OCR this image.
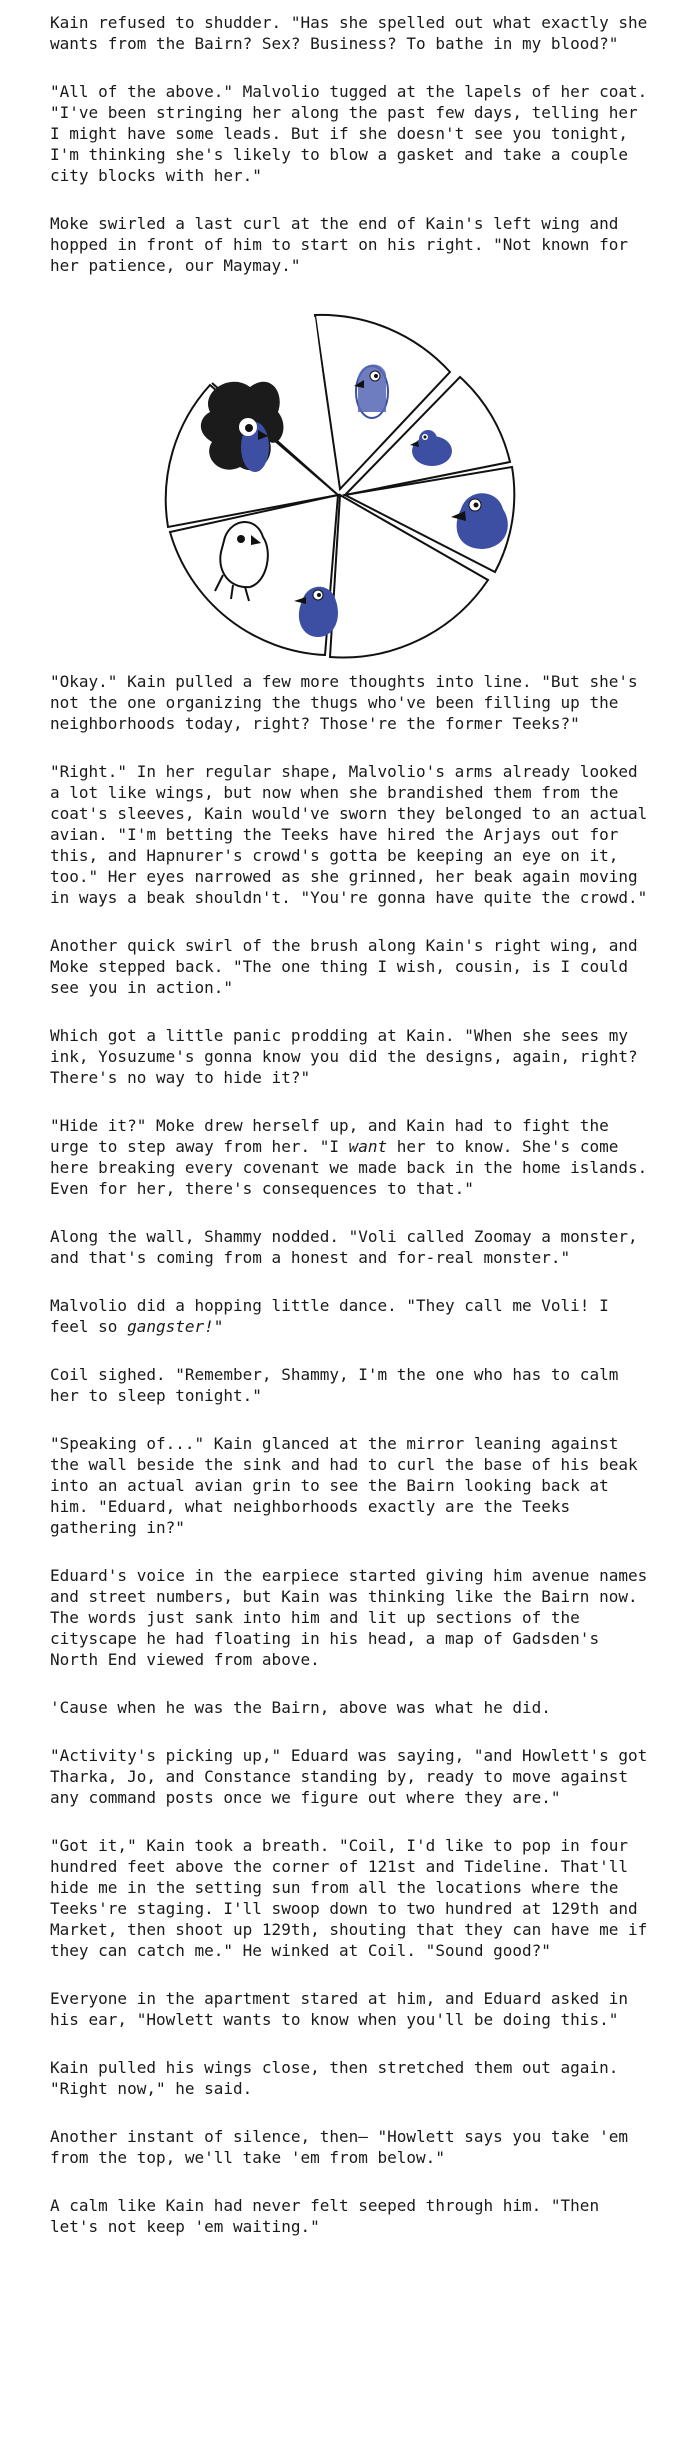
Kain refused to shudder. "Has she spelled out what exactly she wants from the Bairn? Sex? Business? To bathe in my blood?"

"All of the above." Malvolio tugged at the lapels of her coat. "I've been stringing her along the past few days, telling her I might have some leads. But if she doesn't see you tonight, I'm thinking she's likely to blow a gasket and take a couple city blocks with her."

Moke swirled a last curl at the end of Kain's left wing and hopped in front of him to start on his right. "Not known for her patience, our Maymay."

"Okay." Kain pulled a few more thoughts into line. "But she's not the one organizing the thugs who've been filling up the neighborhoods today, right? Those're the former Teeks?"

"Right." In her regular shape, Malvolio's arms already looked a lot like wings, but now when she brandished them from the coat's sleeves, Kain would've sworn they belonged to an actual avian. "I'm betting the Teeks have hired the Arjays out for this, and Hapnurer's crowd's gotta be keeping an eye on it, too." Her eyes narrowed as she grinned, her beak again moving in ways a beak shouldn't. "You're gonna have quite the crowd."

Another quick swirl of the brush along Kain's right wing, and Moke stepped back. "The one thing I wish, cousin, is I could see you in action."

Which got a little panic prodding at Kain. "When she sees my ink, Yosuzume's gonna know you did the designs, again, right? There's no way to hide it?"

"Hide it?" Moke drew herself up, and Kain had to fight the urge to step away from her. "I want her to know. She's come here breaking every covenant we made back in the home islands. Even for her, there's consequences to that."

Along the wall, Shammy nodded. "Voli called Zoomay a monster, and that's coming from a honest and for-real monster."

Malvolio did a hopping little dance. "They call me Voli! I feel so gangster!"

Coil sighed. "Remember, Shammy, I'm the one who has to calm her to sleep tonight."

"Speaking of..." Kain glanced at the mirror leaning against the wall beside the sink and had to curl the base of his beak into an actual avian grin to see the Bairn looking back at him. "Eduard, what neighborhoods exactly are the Teeks gathering in?"

Eduard's voice in the earpiece started giving him avenue names and street numbers, but Kain was thinking like the Bairn now. The words just sank into him and lit up sections of the cityscape he had floating in his head, a map of Gadsden's North End viewed from above.

'Cause when he was the Bairn, above was what he did.

"Activity's picking up," Eduard was saying, "and Howlett's got Tharka, Jo, and Constance standing by, ready to move against any command posts once we figure out where they are."

"Got it," Kain took a breath. "Coil, I'd like to pop in four hundred feet above the corner of 121st and Tideline. That'll hide me in the setting sun from all the locations where the Teeks're staging. I'll swoop down to two hundred at 129th and Market, then shoot up 129th, shouting that they can have me if they can catch me." He winked at Coil. "Sound good?"

Everyone in the apartment stared at him, and Eduard asked in his ear, "Howlett wants to know when you'll be doing this."

Kain pulled his wings close, then stretched them out again. "Right now," he said.

Another instant of silence, then— "Howlett says you take 'em from the top, we'll take 'em from below."

A calm like Kain had never felt seeped through him. "Then let's not keep 'em waiting."
